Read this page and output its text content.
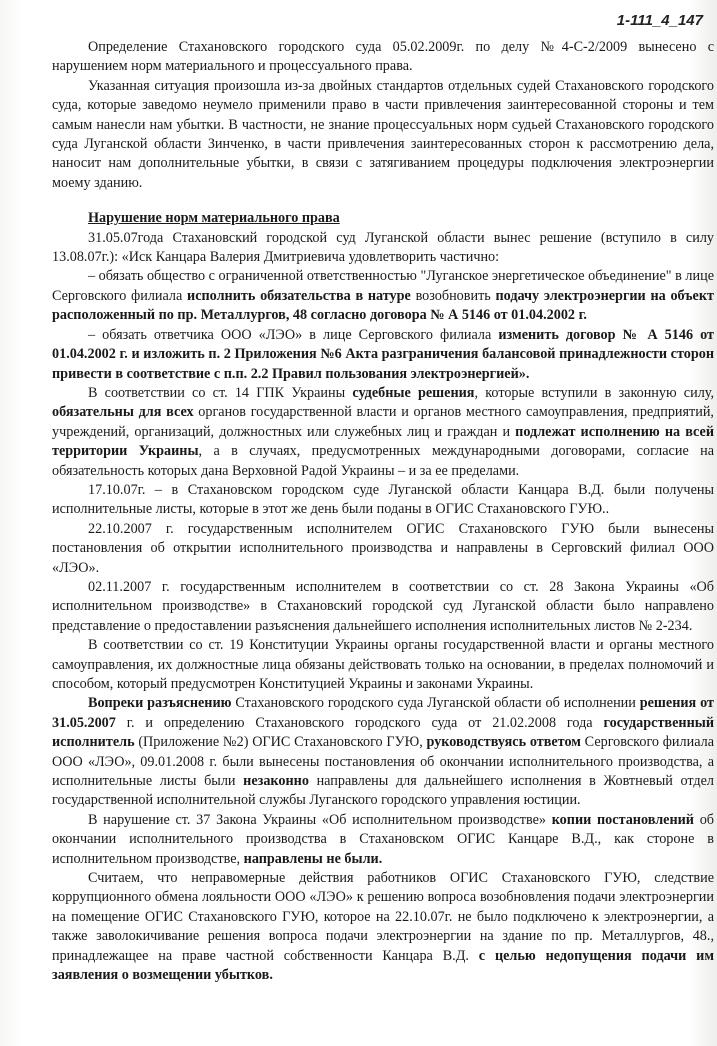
1-111_4_147

Определение Стахановского городского суда 05.02.2009г. по делу №4-С-2/2009 вынесено с нарушением норм материального и процессуального права.

Указанная ситуация произошла из-за двойных стандартов отдельных судей Стахановского городского суда, которые заведомо неумело применили право в части привлечения заинтересованной стороны и тем самым нанесли нам убытки. В частности, не знание процессуальных норм судьей Стахановского городского суда Луганской области Зинченко, в части привлечения заинтересованных сторон к рассмотрению дела, наносит нам дополнительные убытки, в связи с затягиванием процедуры подключения электроэнергии моему зданию.

Нарушение норм материального права

31.05.07года Стахановский городской суд Луганской области вынес решение (вступило в силу 13.08.07г.): «Иск Канцара Валерия Дмитриевича удовлетворить частично:

– обязать общество с ограниченной ответственностью "Луганское энергетическое объединение" в лице Серговского филиала исполнить обязательства в натуре возобновить подачу электроэнергии на объект расположенный по пр. Металлургов, 48 согласно договора № А 5146 от 01.04.2002 г.

– обязать ответчика ООО «ЛЭО» в лице Серговского филиала изменить договор № А 5146 от 01.04.2002 г. и изложить п. 2 Приложения №6 Акта разграничения балансовой принадлежности сторон привести в соответствие с п.п. 2.2 Правил пользования электроэнергией».

В соответствии со ст. 14 ГПК Украины судебные решения, которые вступили в законную силу, обязательны для всех органов государственной власти и органов местного самоуправления, предприятий, учреждений, организаций, должностных или служебных лиц и граждан и подлежат исполнению на всей территории Украины, а в случаях, предусмотренных международными договорами, согласие на обязательность которых дана Верховной Радой Украины – и за ее пределами.

17.10.07г. – в Стахановском городском суде Луганской области Канцара В.Д. были получены исполнительные листы, которые в этот же день были поданы в ОГИС Стахановского ГУЮ..

22.10.2007 г. государственным исполнителем ОГИС Стахановского ГУЮ были вынесены постановления об открытии исполнительного производства и направлены в Серговский филиал ООО «ЛЭО».

02.11.2007 г. государственным исполнителем в соответствии со ст. 28 Закона Украины «Об исполнительном производстве» в Стахановский городской суд Луганской области было направлено представление о предоставлении разъяснения дальнейшего исполнения исполнительных листов № 2-234.

В соответствии со ст. 19 Конституции Украины органы государственной власти и органы местного самоуправления, их должностные лица обязаны действовать только на основании, в пределах полномочий и способом, который предусмотрен Конституцией Украины и законами Украины.

Вопреки разъяснению Стахановского городского суда Луганской области об исполнении решения от 31.05.2007 г. и определению Стахановского городского суда от 21.02.2008 года государственный исполнитель (Приложение №2) ОГИС Стахановского ГУЮ, руководствуясь ответом Серговского филиала ООО «ЛЭО», 09.01.2008 г. были вынесены постановления об окончании исполнительного производства, а исполнительные листы были незаконно направлены для дальнейшего исполнения в Жовтневый отдел государственной исполнительной службы Луганского городского управления юстиции.

В нарушение ст. 37 Закона Украины «Об исполнительном производстве» копии постановлений об окончании исполнительного производства в Стахановском ОГИС Канцаре В.Д., как стороне в исполнительном производстве, направлены не были.

Считаем, что неправомерные действия работников ОГИС Стахановского ГУЮ, следствие коррупционного обмена лояльности ООО «ЛЭО» к решению вопроса возобновления подачи электроэнергии на помещение ОГИС Стахановского ГУЮ, которое на 22.10.07г. не было подключено к электроэнергии, а также заволокичивание решения вопроса подачи электроэнергии на здание по пр. Металлургов, 48., принадлежащее на праве частной собственности Канцара В.Д. с целью недопущения подачи им заявления о возмещении убытков.
